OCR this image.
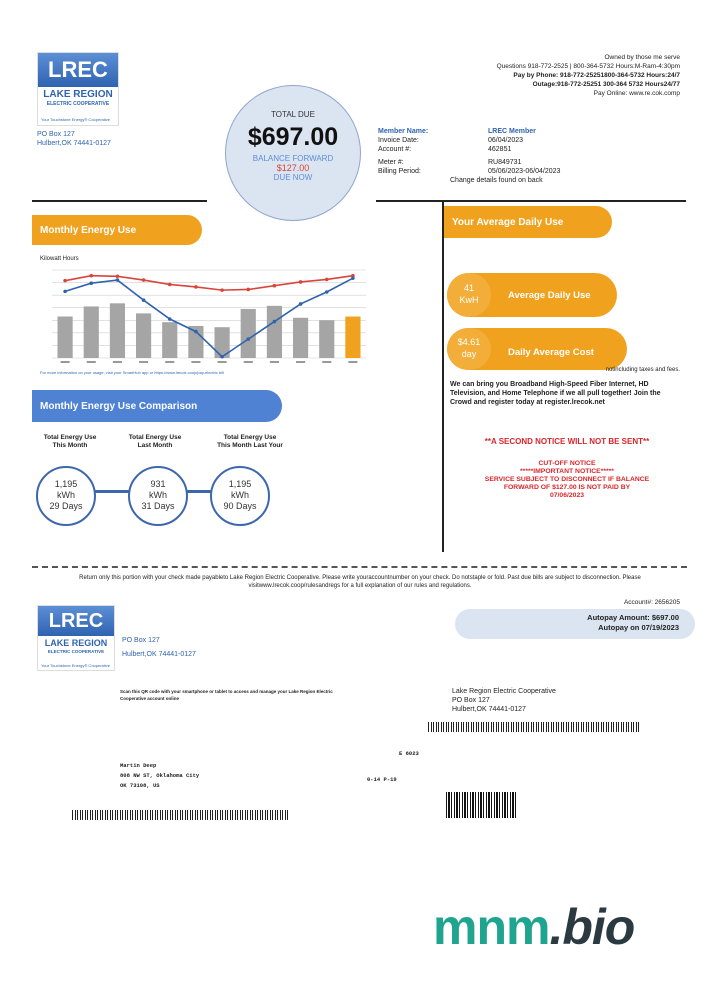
LREC
LAKE REGION
ELECTRIC COOPERATIVE
Your Touchstone Energy® Cooperative
PO Box 127
Hulbert,OK 74441-0127
Owned by those me serve
Questions 918-772-2525 | 800-364-5732 Hours:M-Ram-4:30pm
Pay by Phone: 918-772-25251800-364-5732 Hours:24/7
Outage:918-772-25251 300-364 5732 Hours24/77
Pay Online: www.re.cok.comp
TOTAL DUE
$697.00
BALANCE FORWARD
$127.00
DUE NOW
Member Name:	LREC Member
Invoice Date:	06/04/2023
Account #:	462851
Meter #:	RU849731
Billing Period:	05/06/2023-06/04/2023
Change details found on back
Monthly Energy Use
Kilowatt Hours
For more information on your usage, visit your SmartHub app or https://www.lrecok.coop/pay-electric bill
Monthly Energy Use Comparison
Total Energy Use
This Month
1,195
kWh
29 Days
Total Energy Use
Last Month
931
kWh
31 Days
Total Energy Use
This Month Last Your
1,195
kWh
90 Days
Your Average Daily Use
41
KwH	Average Daily Use
$4.61
day	Daily Average Cost
notincluding taxes and fees.
We can bring you Broadband High-Speed Fiber Internet, HD Television, and Home Telephone if we all pull together! Join the Crowd and register today at register.lrecok.net
**A SECOND NOTICE WILL NOT BE SENT**
CUT-OFF NOTICE
*****IMPORTANT NOTICE*****
SERVICE SUBJECT TO DISCONNECT IF BALANCE
FORWARD OF $127.00 IS NOT PAID BY
07/06/2023
Return only this portion with your check made payableto Lake Region Electric Cooperative. Please write youraccountnumber on your check. Do notstaple or fold. Past due bills are subject to disconnection. Please visitwww.lrecok.coop/rulesandregs for a full explanation of our rules and regulations.
Account#: 2656205
Autopay Amount: $697.00
Autopay on 07/19/2023
LREC
LAKE REGION
ELECTRIC COOPERATIVE
Your Touchstone Energy® Cooperative
PO Box 127
Hulbert,OK 74441-0127
Scan this QR code with your smartphone or tablet to access and manage your Lake Region Electric Cooperative account online
Lake Region Electric Cooperative
PO Box 127
Hulbert,OK 74441-0127
E 6023
0-14 P-19
Martin Deep
808 NW ST, Oklahoma City
OK 73108, US
mnm.bio
